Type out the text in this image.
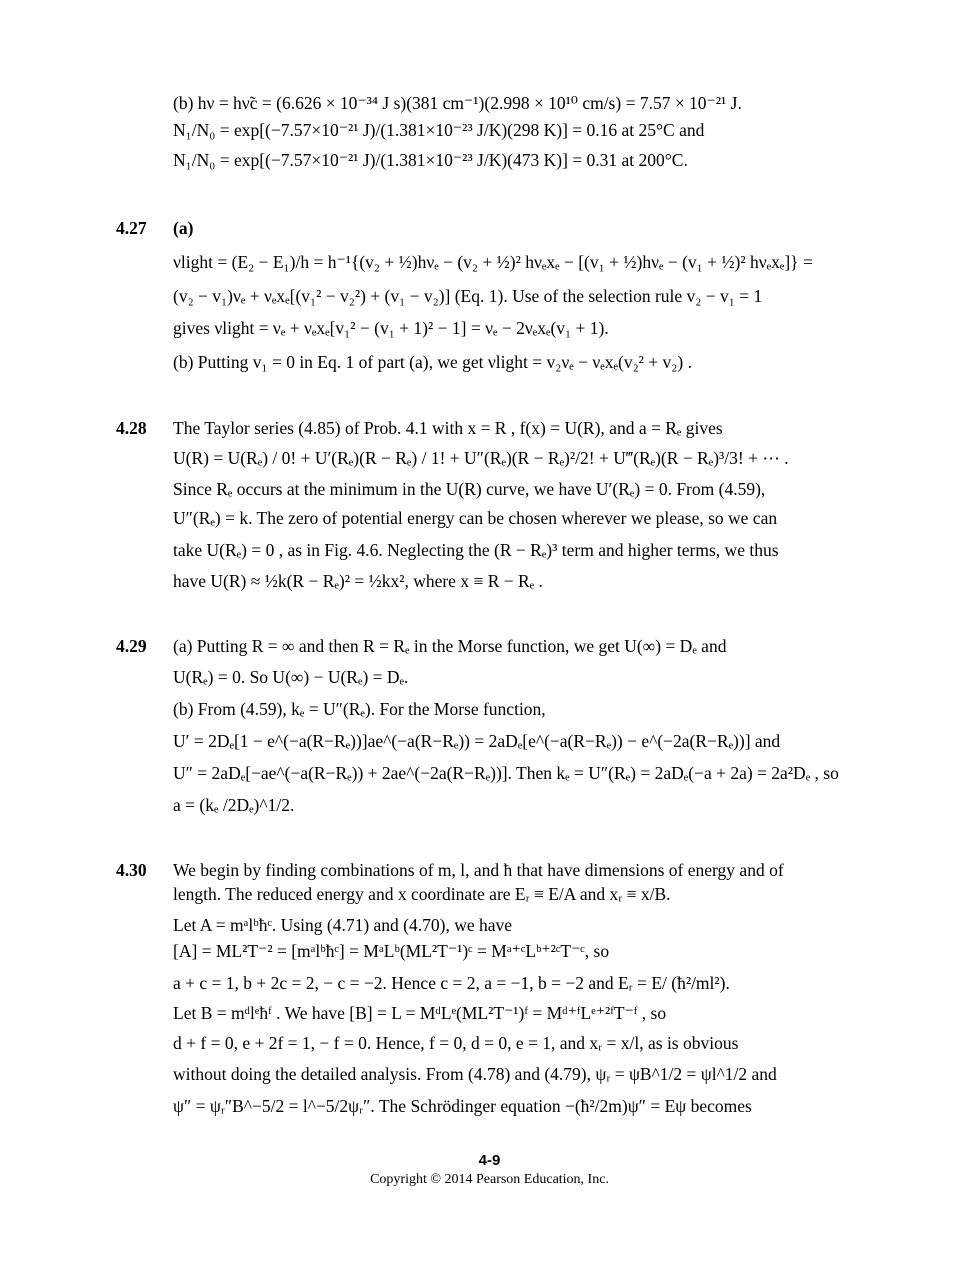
(b) hν = hν̃c = (6.626 × 10⁻³⁴ J s)(381 cm⁻¹)(2.998 × 10¹⁰ cm/s) = 7.57 × 10⁻²¹ J.
N₁/N₀ = exp[(−7.57×10⁻²¹ J)/(1.381×10⁻²³ J/K)(298 K)] = 0.16 at 25°C and
N₁/N₀ = exp[(−7.57×10⁻²¹ J)/(1.381×10⁻²³ J/K)(473 K)] = 0.31 at 200°C.
4.27 (a)
νlight = (E₂ − E₁)/h = h⁻¹{(v₂ + ½)hνₑ − (v₂ + ½)² hνₑxₑ − [(v₁ + ½)hνₑ − (v₁ + ½)² hνₑxₑ]} =
(v₂ − v₁)νₑ + νₑxₑ[(v₁² − v₂²) + (v₁ − v₂)] (Eq. 1). Use of the selection rule v₂ − v₁ = 1
gives νlight = νₑ + νₑxₑ[v₁² − (v₁ + 1)² − 1] = νₑ − 2νₑxₑ(v₁ + 1).
(b) Putting v₁ = 0 in Eq. 1 of part (a), we get νlight = v₂νₑ − νₑxₑ(v₂² + v₂) .
4.28 The Taylor series (4.85) of Prob. 4.1 with x = R , f(x) = U(R), and a = Rₑ gives
U(R) = U(Rₑ) / 0! + U′(Rₑ)(R − Rₑ) / 1! + U″(Rₑ)(R − Rₑ)²/2! + U‴(Rₑ)(R − Rₑ)³/3! + ⋯ .
Since Rₑ occurs at the minimum in the U(R) curve, we have U′(Rₑ) = 0. From (4.59),
U″(Rₑ) = k. The zero of potential energy can be chosen wherever we please, so we can
take U(Rₑ) = 0 , as in Fig. 4.6. Neglecting the (R − Rₑ)³ term and higher terms, we thus
have U(R) ≈ ½k(R − Rₑ)² = ½kx², where x ≡ R − Rₑ .
4.29 (a) Putting R = ∞ and then R = Rₑ in the Morse function, we get U(∞) = Dₑ and
U(Rₑ) = 0. So U(∞) − U(Rₑ) = Dₑ.
(b) From (4.59), kₑ = U″(Rₑ). For the Morse function,
U′ = 2Dₑ[1 − e^(−a(R−Rₑ))]ae^(−a(R−Rₑ)) = 2aDₑ[e^(−a(R−Rₑ)) − e^(−2a(R−Rₑ))] and
U″ = 2aDₑ[−ae^(−a(R−Rₑ)) + 2ae^(−2a(R−Rₑ))]. Then kₑ = U″(Rₑ) = 2aDₑ(−a + 2a) = 2a²Dₑ , so
a = (kₑ /2Dₑ)^1/2.
4.30 We begin by finding combinations of m, l, and ħ that have dimensions of energy and of
length. The reduced energy and x coordinate are Eᵣ ≡ E/A and xᵣ ≡ x/B.
Let A = mᵃlᵇħᶜ. Using (4.71) and (4.70), we have
[A] = ML²T⁻² = [mᵃlᵇħᶜ] = MᵃLᵇ(ML²T⁻¹)ᶜ = Mᵃ⁺ᶜLᵇ⁺²ᶜT⁻ᶜ, so
a + c = 1, b + 2c = 2, − c = −2. Hence c = 2, a = −1, b = −2 and Eᵣ = E/ (ħ²/ml²).
Let B = mᵈlᵉħᶠ . We have [B] = L = MᵈLᵉ(ML²T⁻¹)ᶠ = Mᵈ⁺ᶠLᵉ⁺²ᶠT⁻ᶠ , so
d + f = 0, e + 2f = 1, − f = 0. Hence, f = 0, d = 0, e = 1, and xᵣ = x/l, as is obvious
without doing the detailed analysis. From (4.78) and (4.79), ψᵣ = ψB^1/2 = ψl^1/2 and
ψ″ = ψᵣ″B^−5/2 = l^−5/2ψᵣ″. The Schrödinger equation −(ħ²/2m)ψ″ = Eψ becomes
4-9
Copyright © 2014 Pearson Education, Inc.
